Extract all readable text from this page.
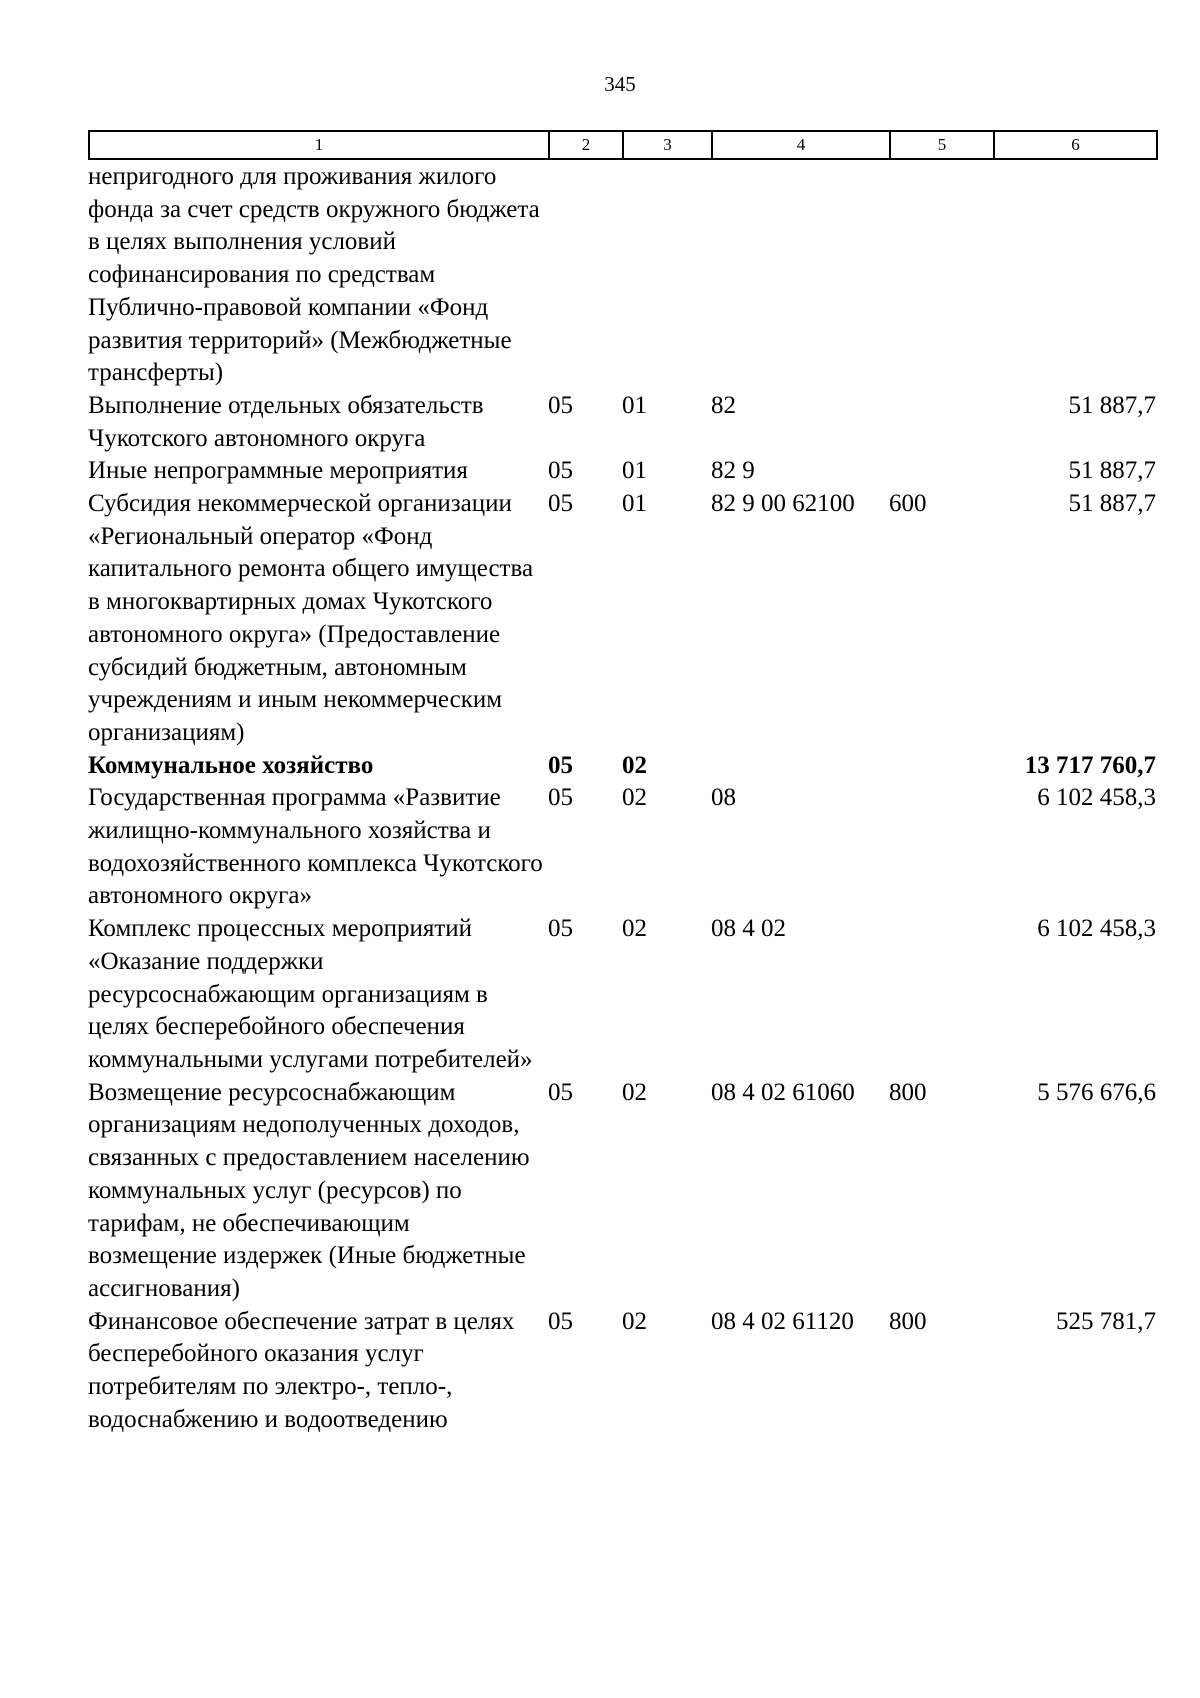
345
1	2	3	4	5	6
непригодного для проживания жилого фонда за счет средств окружного бюджета в целях выполнения условий софинансирования по средствам Публично-правовой компании «Фонд развития территорий» (Межбюджетные трансферты)					
Выполнение отдельных обязательств Чукотского автономного округа	05	01	82		51 887,7
Иные непрограммные мероприятия	05	01	82 9		51 887,7
Субсидия некоммерческой организации «Региональный оператор «Фонд капитального ремонта общего имущества в многоквартирных домах Чукотского автономного округа» (Предоставление субсидий бюджетным, автономным учреждениям и иным некоммерческим организациям)	05	01	82 9 00 62100	600	51 887,7
Коммунальное хозяйство	05	02			13 717 760,7
Государственная программа «Развитие жилищно-коммунального хозяйства и водохозяйственного комплекса Чукотского автономного округа»	05	02	08		6 102 458,3
Комплекс процессных мероприятий «Оказание поддержки ресурсоснабжающим организациям в целях бесперебойного обеспечения коммунальными услугами потребителей»	05	02	08 4 02		6 102 458,3
Возмещение ресурсоснабжающим организациям недополученных доходов, связанных с предоставлением населению коммунальных услуг (ресурсов) по тарифам, не обеспечивающим возмещение издержек (Иные бюджетные ассигнования)	05	02	08 4 02 61060	800	5 576 676,6
Финансовое обеспечение затрат в целях бесперебойного оказания услуг потребителям по электро-, тепло-, водоснабжению и водоотведению	05	02	08 4 02 61120	800	525 781,7
